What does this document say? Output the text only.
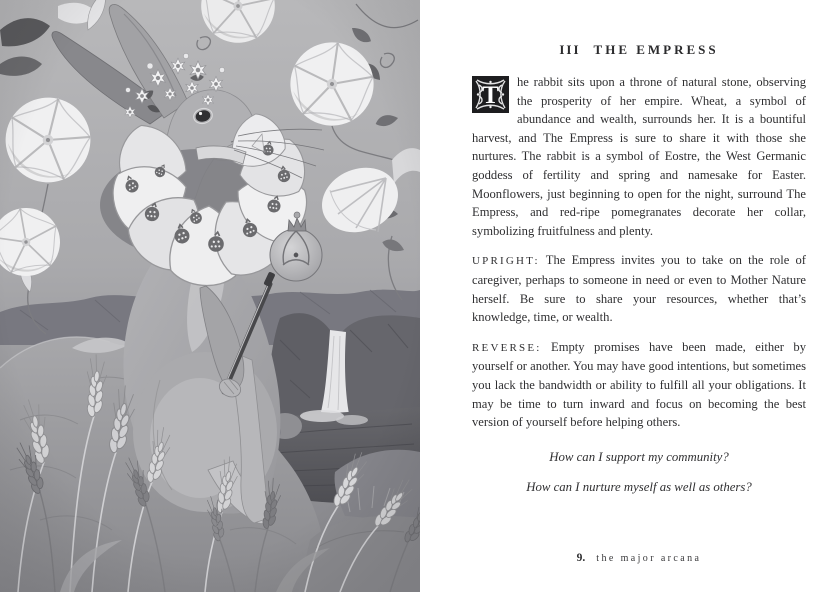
III THE EMPRESS

T he rabbit sits upon a throne of natural stone, observing the prosperity of her empire. Wheat, a symbol of abundance and wealth, surrounds her. It is a bountiful harvest, and The Empress is sure to share it with those she nurtures. The rabbit is a symbol of Eostre, the West Germanic goddess of fertility and spring and namesake for Easter. Moonflowers, just beginning to open for the night, surround The Empress, and red-ripe pomegranates decorate her collar, symbolizing fruitfulness and plenty.

UPRIGHT: The Empress invites you to take on the role of caregiver, perhaps to someone in need or even to Mother Nature herself. Be sure to share your resources, whether that’s knowledge, time, or wealth.

REVERSE: Empty promises have been made, either by yourself or another. You may have good intentions, but sometimes you lack the bandwidth or ability to fulfill all your obligations. It may be time to turn inward and focus on becoming the best version of yourself before helping others.

How can I support my community?

How can I nurture myself as well as others?

9. the major arcana
